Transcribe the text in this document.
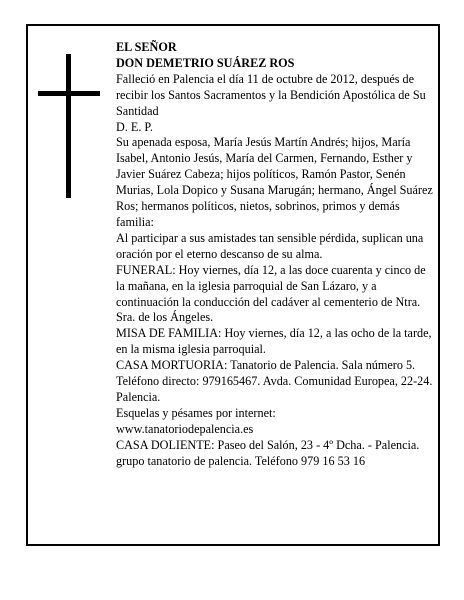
EL SEÑOR

DON DEMETRIO SUÁREZ ROS

Falleció en Palencia el día 11 de octubre de 2012, después de recibir los Santos Sacramentos y la Bendición Apostólica de Su Santidad

D. E. P.

Su apenada esposa, María Jesús Martín Andrés; hijos, María Isabel, Antonio Jesús, María del Carmen, Fernando, Esther y Javier Suárez Cabeza; hijos políticos, Ramón Pastor, Senén Murias, Lola Dopico y Susana Marugán; hermano, Ángel Suárez Ros; hermanos políticos, nietos, sobrinos, primos y demás familia:

Al participar a sus amistades tan sensible pérdida, suplican una oración por el eterno descanso de su alma.

FUNERAL: Hoy viernes, día 12, a las doce cuarenta y cinco de la mañana, en la iglesia parroquial de San Lázaro, y a continuación la conducción del cadáver al cementerio de Ntra. Sra. de los Ángeles.

MISA DE FAMILIA: Hoy viernes, día 12, a las ocho de la tarde, en la misma iglesia parroquial.

CASA MORTUORIA: Tanatorio de Palencia. Sala número 5. Teléfono directo: 979165467. Avda. Comunidad Europea, 22-24. Palencia.

Esquelas y pésames por internet:

www.tanatoriodepalencia.es

CASA DOLIENTE: Paseo del Salón, 23 - 4º Dcha. - Palencia.

grupo tanatorio de palencia. Teléfono 979 16 53 16
